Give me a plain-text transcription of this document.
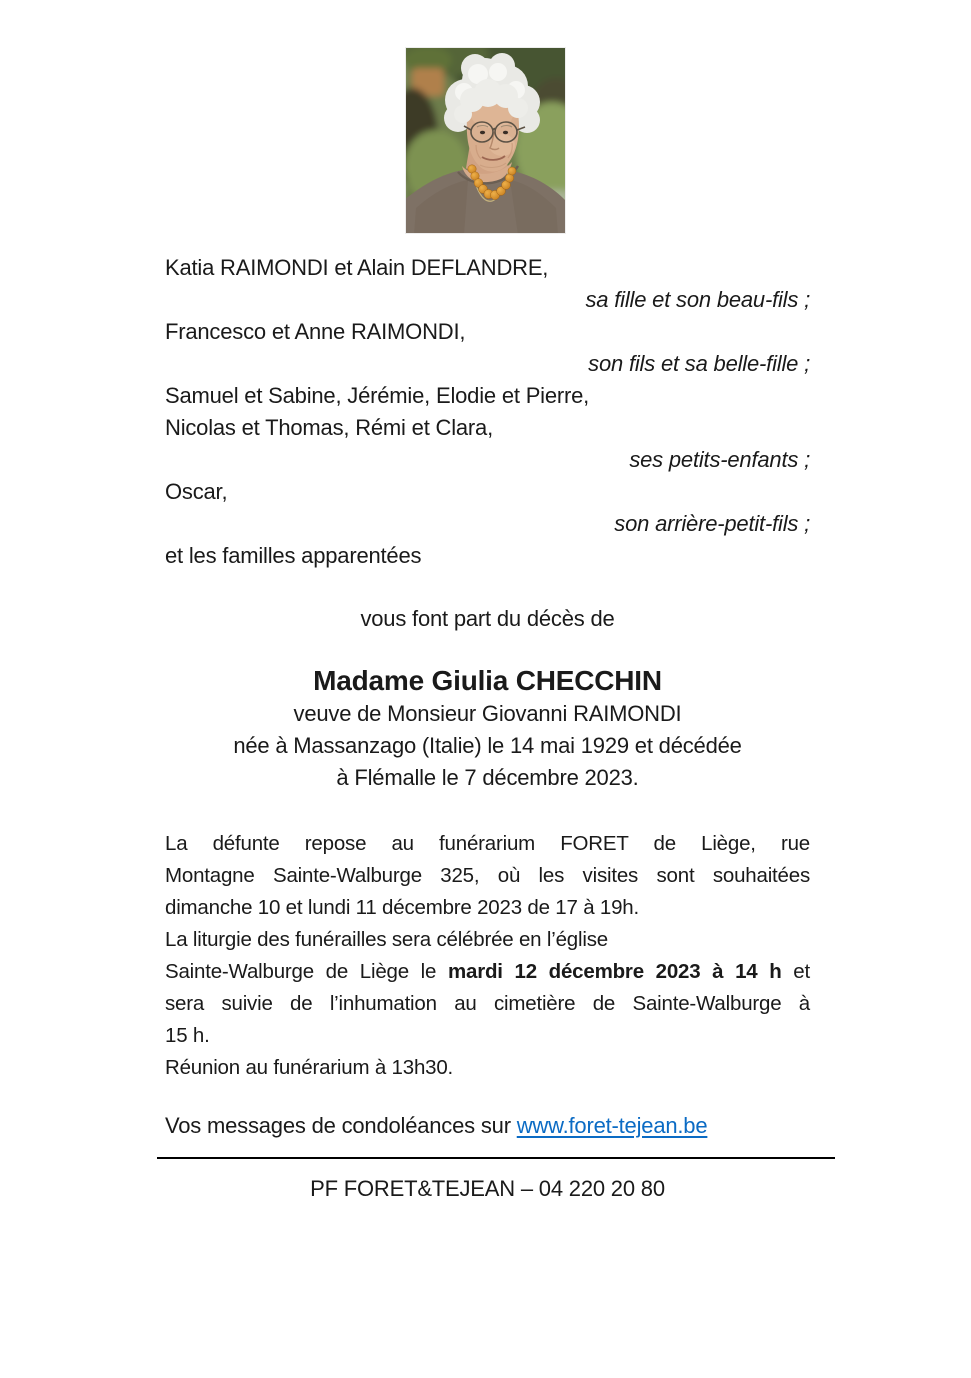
Katia RAIMONDI et Alain DEFLANDRE,
sa fille et son beau-fils ;
Francesco et Anne RAIMONDI,
son fils et sa belle-fille ;
Samuel et Sabine, Jérémie, Elodie et Pierre,
Nicolas et Thomas, Rémi et Clara,
ses petits-enfants ;
Oscar,
son arrière-petit-fils ;
et les familles apparentées
vous font part du décès de
Madame Giulia CHECCHIN
veuve de Monsieur Giovanni RAIMONDI
née à Massanzago (Italie) le 14 mai 1929 et décédée
à Flémalle le 7 décembre 2023.
La défunte repose au funérarium FORET de Liège, rue
Montagne Sainte-Walburge 325, où les visites sont souhaitées
dimanche 10 et lundi 11 décembre 2023 de 17 à 19h.
La liturgie des funérailles sera célébrée en l’église
Sainte-Walburge de Liège le mardi 12 décembre 2023 à 14 h et
sera suivie de l’inhumation au cimetière de Sainte-Walburge à
15 h.
Réunion au funérarium à 13h30.
Vos messages de condoléances sur www.foret-tejean.be
PF FORET&TEJEAN – 04 220 20 80
